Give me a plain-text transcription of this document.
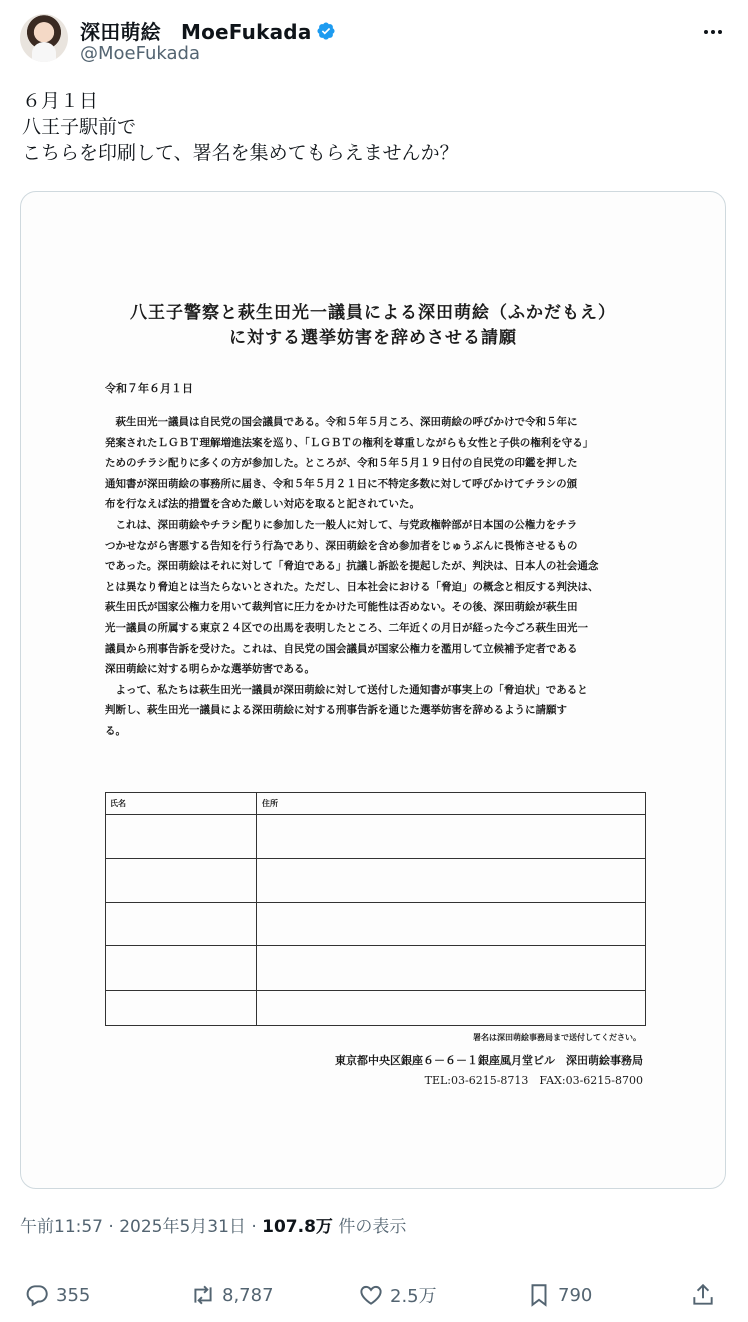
深田萌絵　MoeFukada
@MoeFukada
６月１日
八王子駅前で
こちらを印刷して、署名を集めてもらえませんか？
八王子警察と萩生田光一議員による深田萌絵（ふかだもえ）
に対する選挙妨害を辞めさせる請願
令和７年６月１日

　萩生田光一議員は自民党の国会議員である。令和５年５月ころ、深田萌絵の呼びかけで令和５年に

発案されたＬＧＢＴ理解増進法案を巡り、「ＬＧＢＴの権利を尊重しながらも女性と子供の権利を守る」

ためのチラシ配りに多くの方が参加した。ところが、令和５年５月１９日付の自民党の印鑑を押した

通知書が深田萌絵の事務所に届き、令和５年５月２１日に不特定多数に対して呼びかけてチラシの頒

布を行なえば法的措置を含めた厳しい対応を取ると記されていた。

　これは、深田萌絵やチラシ配りに参加した一般人に対して、与党政権幹部が日本国の公権力をチラ

つかせながら害悪する告知を行う行為であり、深田萌絵を含め参加者をじゅうぶんに畏怖させるもの

であった。深田萌絵はそれに対して「脅迫である」抗議し訴訟を提起したが、判決は、日本人の社会通念

とは異なり脅迫とは当たらないとされた。ただし、日本社会における「脅迫」の概念と相反する判決は、

萩生田氏が国家公権力を用いて裁判官に圧力をかけた可能性は否めない。その後、深田萌絵が萩生田

光一議員の所属する東京２４区での出馬を表明したところ、二年近くの月日が経った今ごろ萩生田光一

議員から刑事告訴を受けた。これは、自民党の国会議員が国家公権力を濫用して立候補予定者である

深田萌絵に対する明らかな選挙妨害である。

　よって、私たちは萩生田光一議員が深田萌絵に対して送付した通知書が事実上の「脅迫状」であると

判断し、萩生田光一議員による深田萌絵に対する刑事告訴を通じた選挙妨害を辞めるように請願す

る。

氏名	住所
署名は深田萌絵事務局まで送付してください。
東京都中央区銀座６－６－１銀座風月堂ビル　深田萌絵事務局
TEL:03-6215-8713　FAX:03-6215-8700
午前11:57 · 2025年5月31日 · 107.8万 件の表示
355	8,787	2.5万	790
